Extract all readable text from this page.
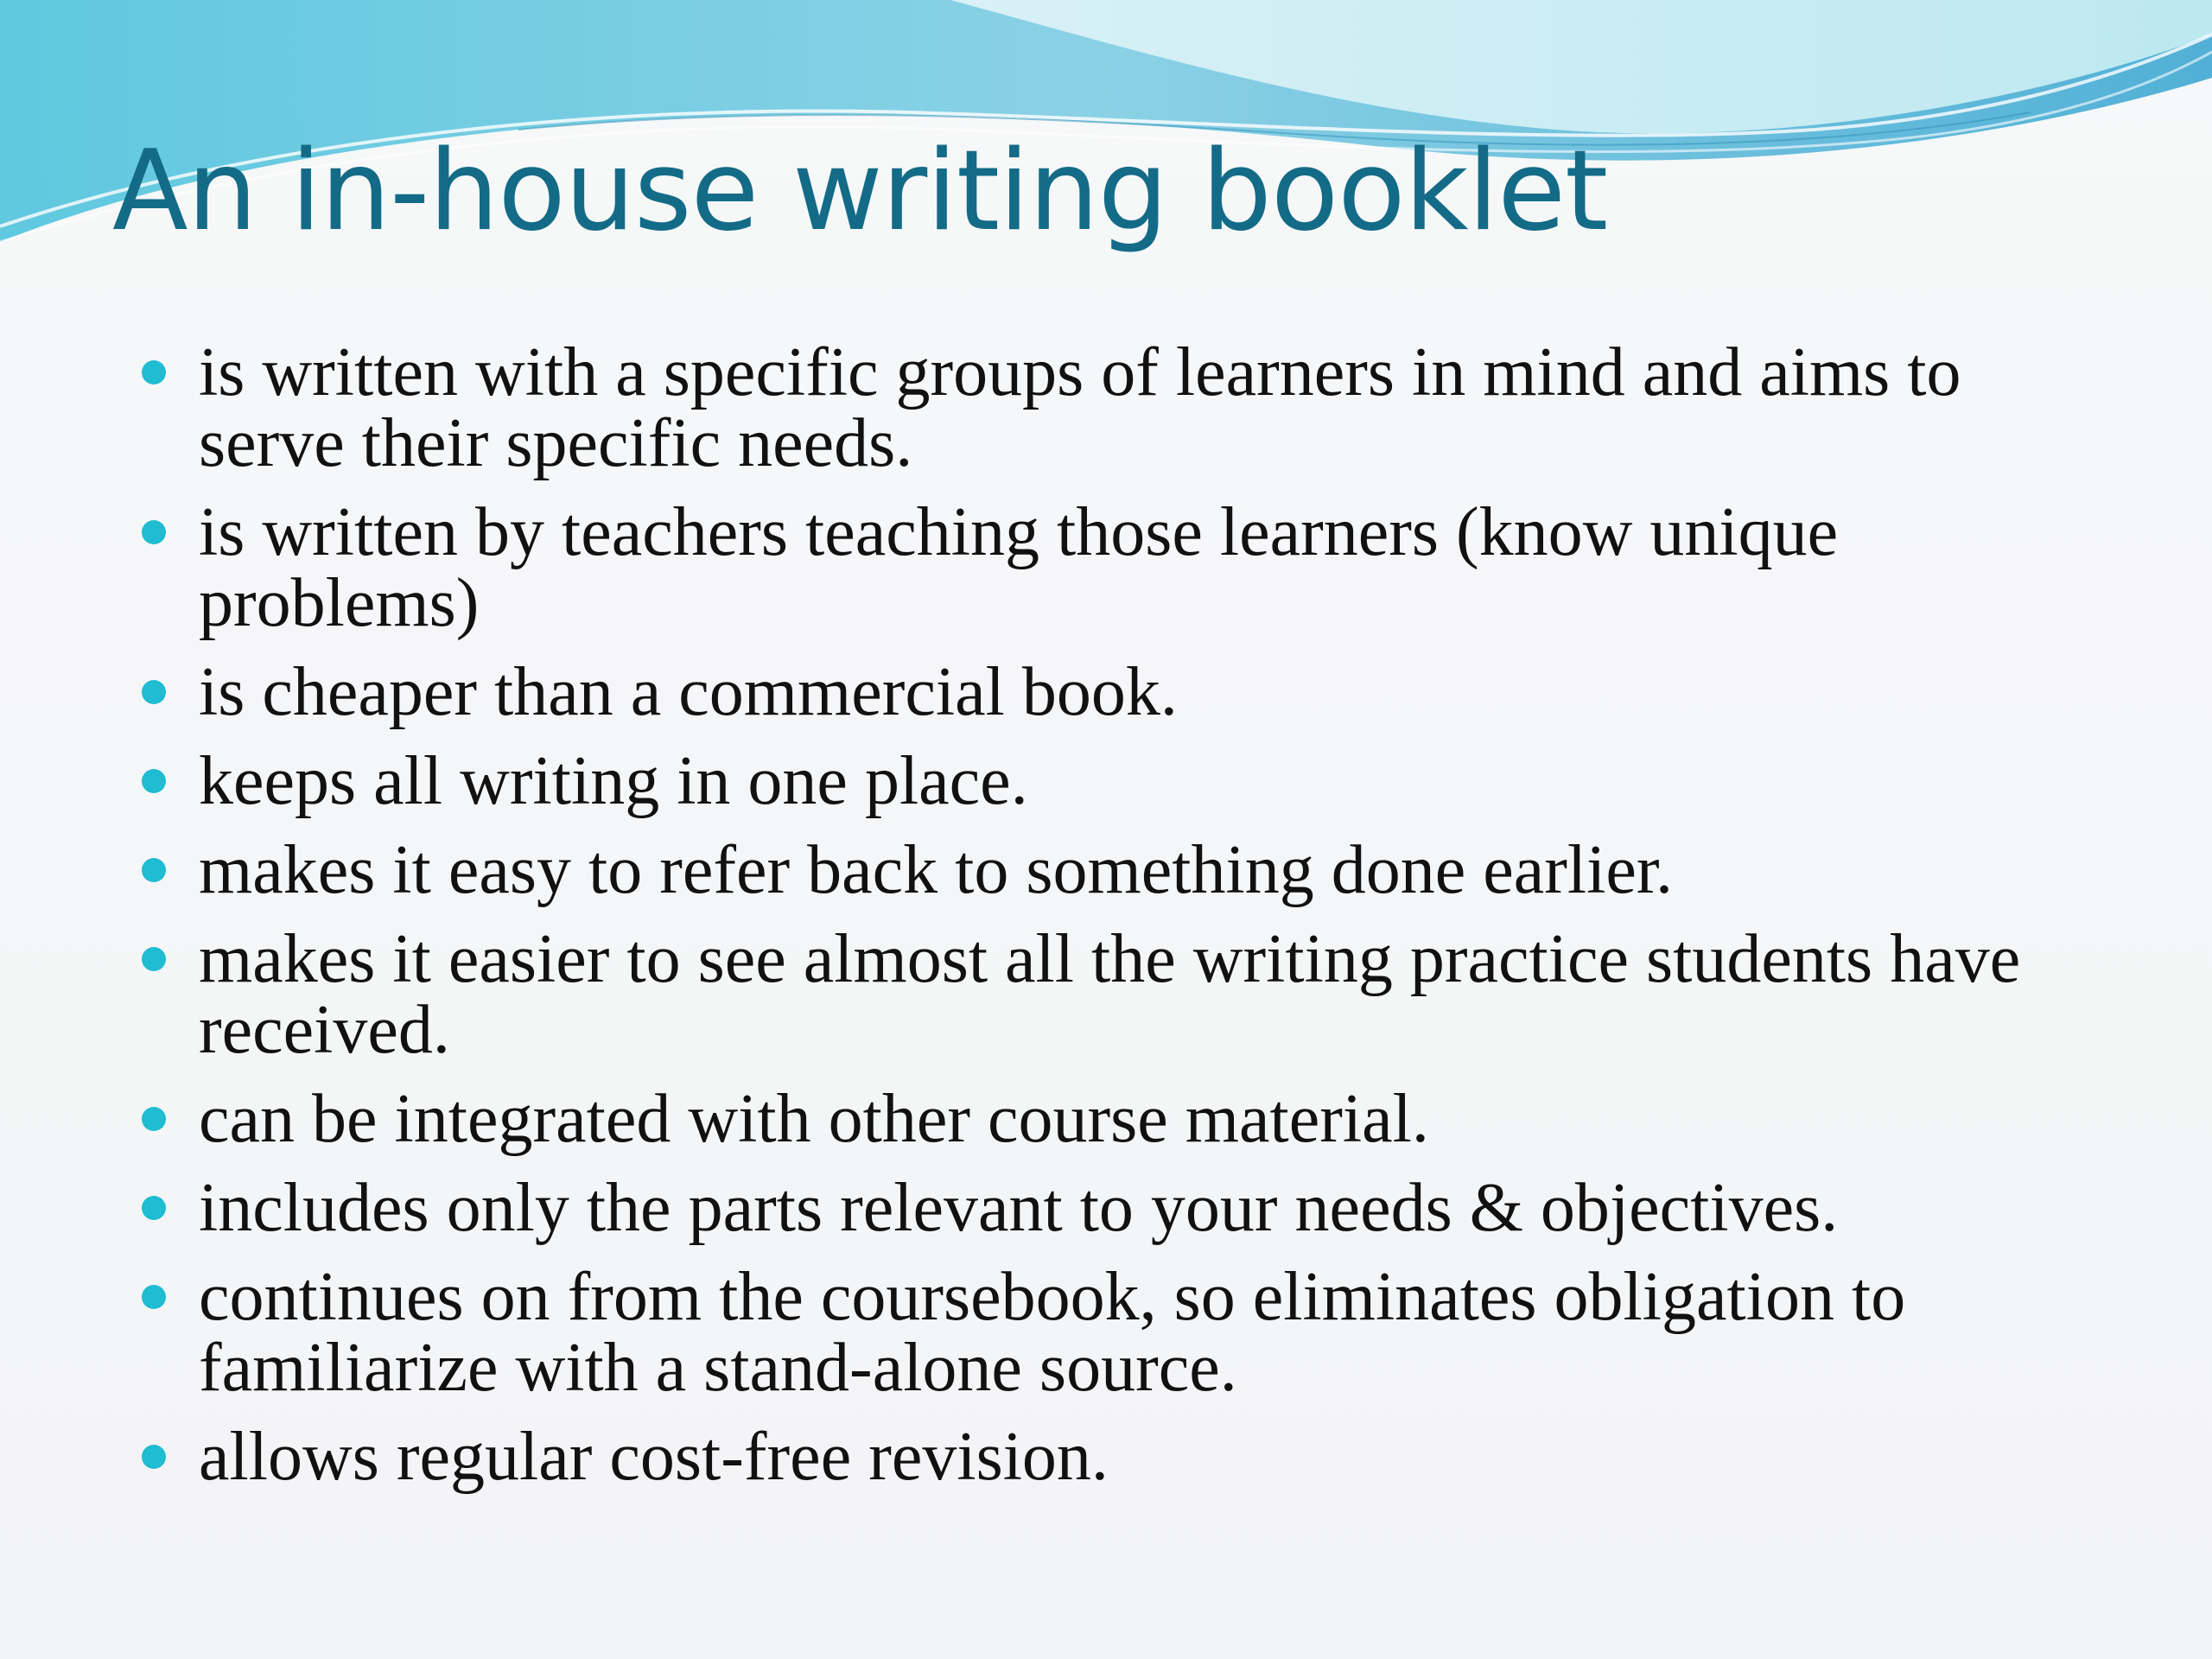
An in-house writing booklet
is written with a specific groups of learners in mind and aims to serve their specific needs.
is written by teachers teaching those learners (know unique problems)
is cheaper than a commercial book.
keeps all writing in one place.
makes it easy to refer back to something done earlier.
makes it easier to see almost all the writing practice students have received.
can be integrated with other course material.
includes only the parts relevant to your needs & objectives.
continues on from the coursebook, so eliminates obligation to familiarize with a stand-alone source.
allows regular cost-free revision.
